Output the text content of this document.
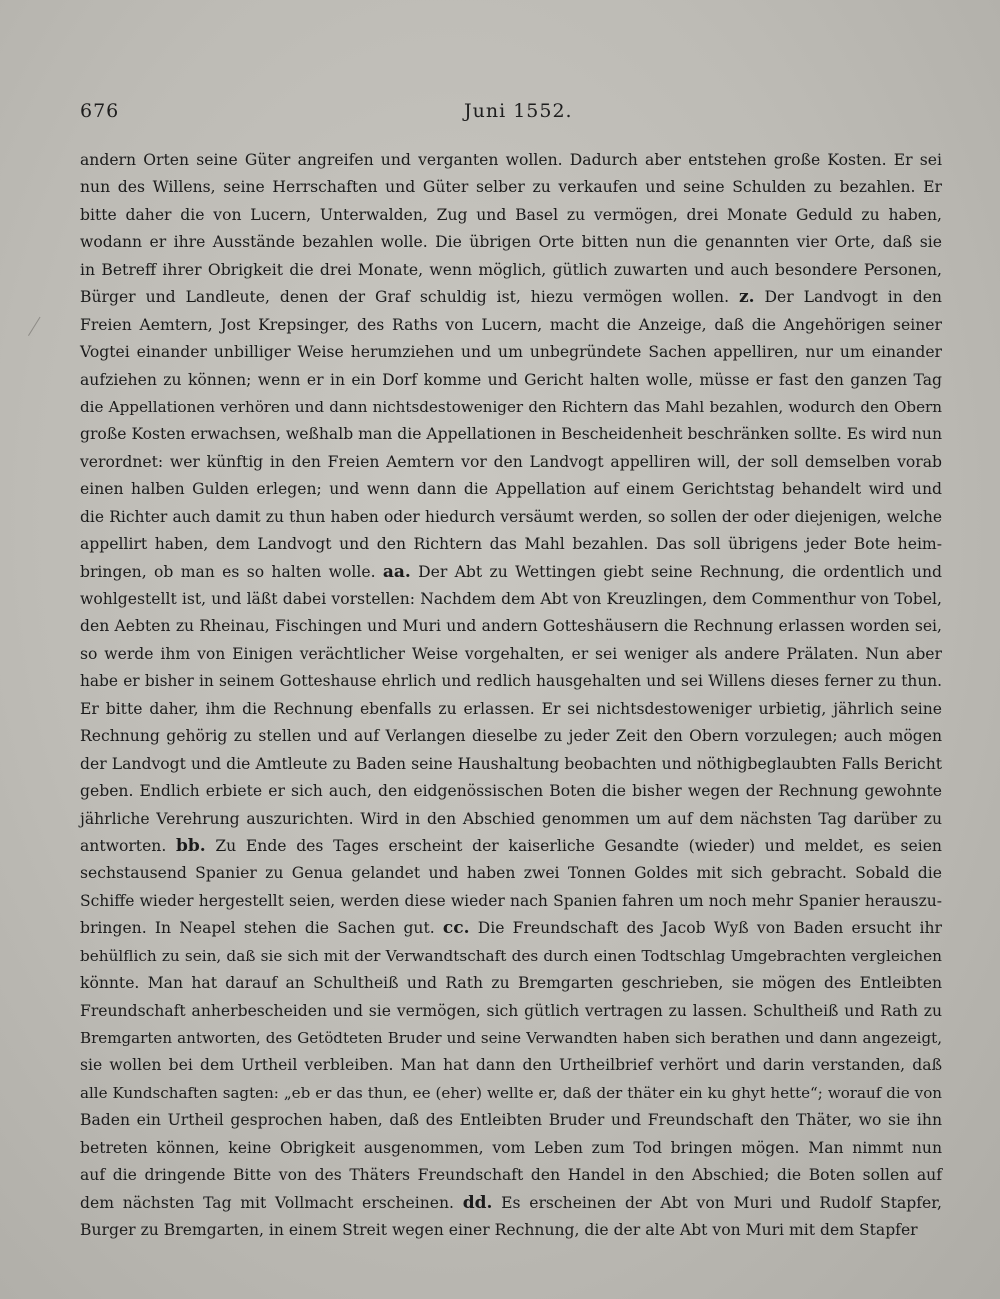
676	Juni 1552.
andern Orten seine Güter angreifen und verganten wollen. Dadurch aber entstehen große Kosten. Er sei
nun des Willens, seine Herrschaften und Güter selber zu verkaufen und seine Schulden zu bezahlen. Er
bitte daher die von Lucern, Unterwalden, Zug und Basel zu vermögen, drei Monate Geduld zu haben,
wodann er ihre Ausstände bezahlen wolle. Die übrigen Orte bitten nun die genannten vier Orte, daß sie
in Betreff ihrer Obrigkeit die drei Monate, wenn möglich, gütlich zuwarten und auch besondere Personen,
Bürger und Landleute, denen der Graf schuldig ist, hiezu vermögen wollen. z. Der Landvogt in den
Freien Aemtern, Jost Krepsinger, des Raths von Lucern, macht die Anzeige, daß die Angehörigen seiner
Vogtei einander unbilliger Weise herumziehen und um unbegründete Sachen appelliren, nur um einander
aufziehen zu können; wenn er in ein Dorf komme und Gericht halten wolle, müsse er fast den ganzen Tag
die Appellationen verhören und dann nichtsdestoweniger den Richtern das Mahl bezahlen, wodurch den Obern
große Kosten erwachsen, weßhalb man die Appellationen in Bescheidenheit beschränken sollte. Es wird nun
verordnet: wer künftig in den Freien Aemtern vor den Landvogt appelliren will, der soll demselben vorab
einen halben Gulden erlegen; und wenn dann die Appellation auf einem Gerichtstag behandelt wird und
die Richter auch damit zu thun haben oder hiedurch versäumt werden, so sollen der oder diejenigen, welche
appellirt haben, dem Landvogt und den Richtern das Mahl bezahlen. Das soll übrigens jeder Bote heim-
bringen, ob man es so halten wolle. aa. Der Abt zu Wettingen giebt seine Rechnung, die ordentlich und
wohlgestellt ist, und läßt dabei vorstellen: Nachdem dem Abt von Kreuzlingen, dem Commenthur von Tobel,
den Aebten zu Rheinau, Fischingen und Muri und andern Gotteshäusern die Rechnung erlassen worden sei,
so werde ihm von Einigen verächtlicher Weise vorgehalten, er sei weniger als andere Prälaten. Nun aber
habe er bisher in seinem Gotteshause ehrlich und redlich hausgehalten und sei Willens dieses ferner zu thun.
Er bitte daher, ihm die Rechnung ebenfalls zu erlassen. Er sei nichtsdestoweniger urbietig, jährlich seine
Rechnung gehörig zu stellen und auf Verlangen dieselbe zu jeder Zeit den Obern vorzulegen; auch mögen
der Landvogt und die Amtleute zu Baden seine Haushaltung beobachten und nöthigbeglaubten Falls Bericht
geben. Endlich erbiete er sich auch, den eidgenössischen Boten die bisher wegen der Rechnung gewohnte
jährliche Verehrung auszurichten. Wird in den Abschied genommen um auf dem nächsten Tag darüber zu
antworten. bb. Zu Ende des Tages erscheint der kaiserliche Gesandte (wieder) und meldet, es seien
sechstausend Spanier zu Genua gelandet und haben zwei Tonnen Goldes mit sich gebracht. Sobald die
Schiffe wieder hergestellt seien, werden diese wieder nach Spanien fahren um noch mehr Spanier herauszu-
bringen. In Neapel stehen die Sachen gut. cc. Die Freundschaft des Jacob Wyß von Baden ersucht ihr
behülflich zu sein, daß sie sich mit der Verwandtschaft des durch einen Todtschlag Umgebrachten vergleichen
könnte. Man hat darauf an Schultheiß und Rath zu Bremgarten geschrieben, sie mögen des Entleibten
Freundschaft anherbescheiden und sie vermögen, sich gütlich vertragen zu lassen. Schultheiß und Rath zu
Bremgarten antworten, des Getödteten Bruder und seine Verwandten haben sich berathen und dann angezeigt,
sie wollen bei dem Urtheil verbleiben. Man hat dann den Urtheilbrief verhört und darin verstanden, daß
alle Kundschaften sagten: „eb er das thun, ee (eher) wellte er, daß der thäter ein ku ghyt hette“; worauf die von
Baden ein Urtheil gesprochen haben, daß des Entleibten Bruder und Freundschaft den Thäter, wo sie ihn
betreten können, keine Obrigkeit ausgenommen, vom Leben zum Tod bringen mögen. Man nimmt nun
auf die dringende Bitte von des Thäters Freundschaft den Handel in den Abschied; die Boten sollen auf
dem nächsten Tag mit Vollmacht erscheinen. dd. Es erscheinen der Abt von Muri und Rudolf Stapfer,
Burger zu Bremgarten, in einem Streit wegen einer Rechnung, die der alte Abt von Muri mit dem Stapfer
